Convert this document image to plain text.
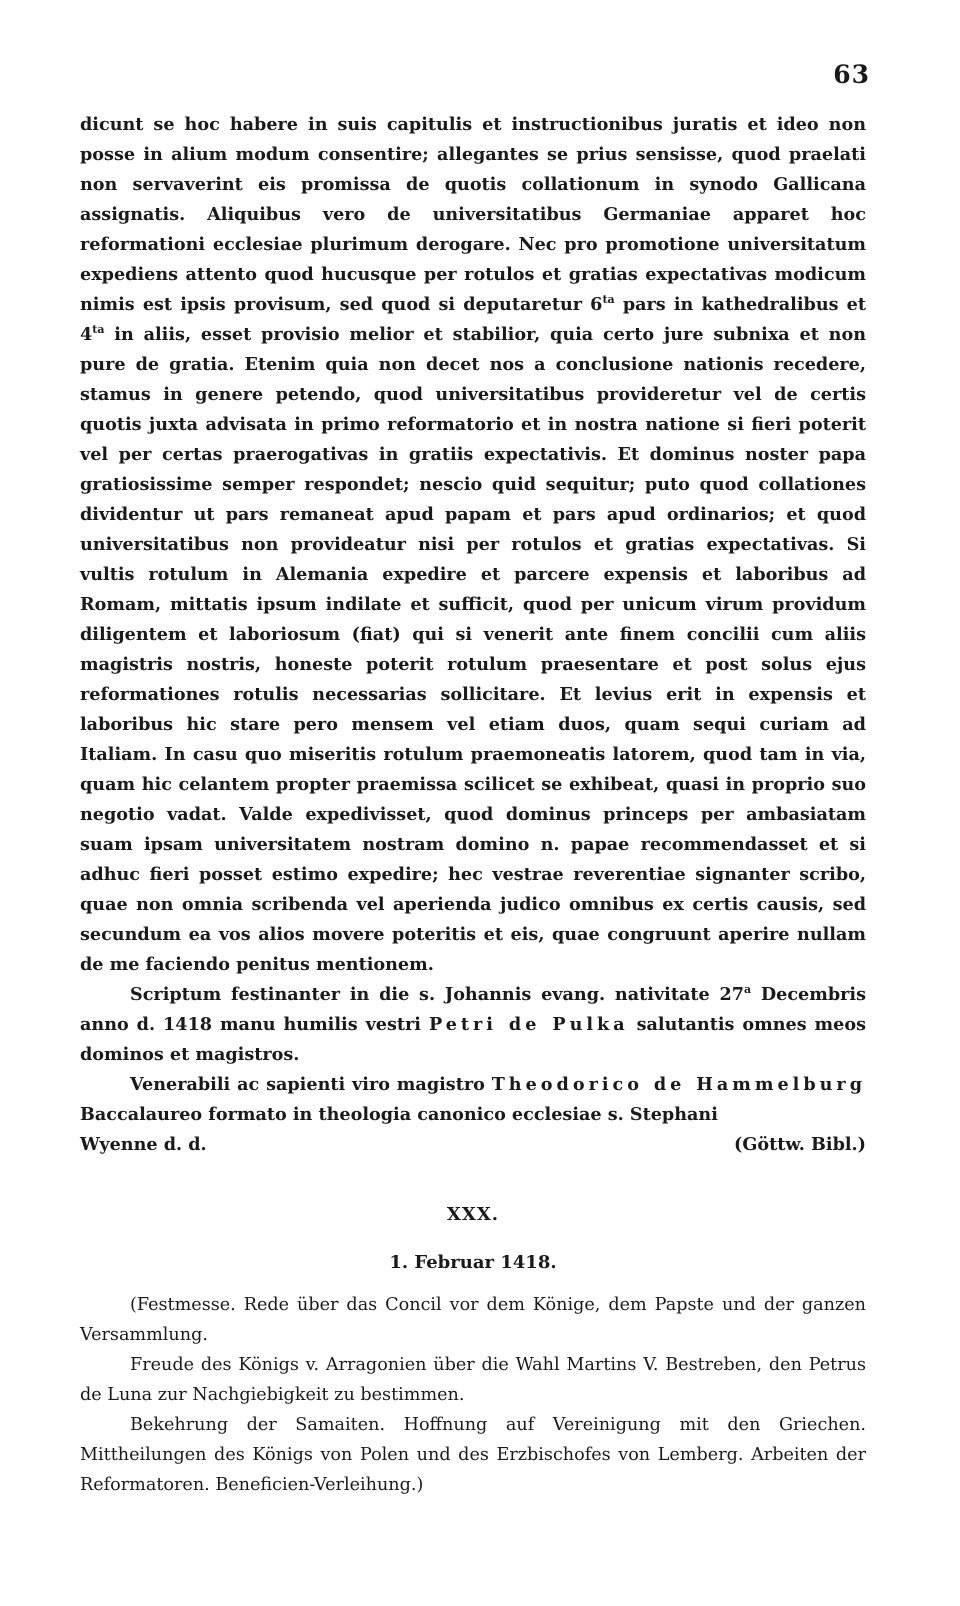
63

dicunt se hoc habere in suis capitulis et instructionibus juratis et ideo non posse in alium modum consentire; allegantes se prius sensisse, quod praelati non servaverint eis promissa de quotis collationum in synodo Gallicana assignatis. Aliquibus vero de universitatibus Germaniae apparet hoc reformationi ecclesiae plurimum derogare. Nec pro promotione universitatum expediens attento quod hucusque per rotulos et gratias expectativas modicum nimis est ipsis provisum, sed quod si deputaretur $6^{ta}$ pars in kathedralibus et $4^{ta}$ in aliis, esset provisio melior et stabilior, quia certo jure subnixa et non pure de gratia. Etenim quia non decet nos a conclusione nationis recedere, stamus in genere petendo, quod universitatibus provideretur vel de certis quotis juxta advisata in primo reformatorio et in nostra natione si fieri poterit vel per certas praerogativas in gratiis expectativis. Et dominus noster papa gratiosissime semper respondet; nescio quid sequitur; puto quod collationes dividentur ut pars remaneat apud papam et pars apud ordinarios; et quod universitatibus non provideatur nisi per rotulos et gratias expectativas. Si vultis rotulum in Alemania expedire et parcere expensis et laboribus ad Romam, mittatis ipsum indilate et sufficit, quod per unicum virum providum diligentem et laboriosum (fiat) qui si venerit ante finem concilii cum aliis magistris nostris, honeste poterit rotulum praesentare et post solus ejus reformationes rotulis necessarias sollicitare. Et levius erit in expensis et laboribus hic stare pero mensem vel etiam duos, quam sequi curiam ad Italiam. In casu quo miseritis rotulum praemoneatis latorem, quod tam in via, quam hic celantem propter praemissa scilicet se exhibeat, quasi in proprio suo negotio vadat. Valde expedivisset, quod dominus princeps per ambasiatam suam ipsam universitatem nostram domino n. papae recommendasset et si adhuc fieri posset estimo expedire; hec vestrae reverentiae signanter scribo, quae non omnia scribenda vel aperienda judico omnibus ex certis causis, sed secundum ea vos alios movere poteritis et eis, quae congruunt aperire nullam de me faciendo penitus mentionem.

Scriptum festinanter in die s. Johannis evang. nativitate 27$^a$ Decembris anno d. 1418 manu humilis vestri Petri de Pulka salutantis omnes meos dominos et magistros.

Venerabili ac sapienti viro magistro Theodorico de Hammelburg Baccalaureo formato in theologia canonico ecclesiae s. Stephani

Wyenne d. d.	(Göttw. Bibl.)
XXX.
1. Februar 1418.

(Festmesse. Rede über das Concil vor dem Könige, dem Papste und der ganzen Versammlung.

Freude des Königs v. Arragonien über die Wahl Martins V. Bestreben, den Petrus de Luna zur Nachgiebigkeit zu bestimmen.

Bekehrung der Samaiten. Hoffnung auf Vereinigung mit den Griechen. Mittheilungen des Königs von Polen und des Erzbischofes von Lemberg. Arbeiten der Reformatoren. Beneficien-Verleihung.)
